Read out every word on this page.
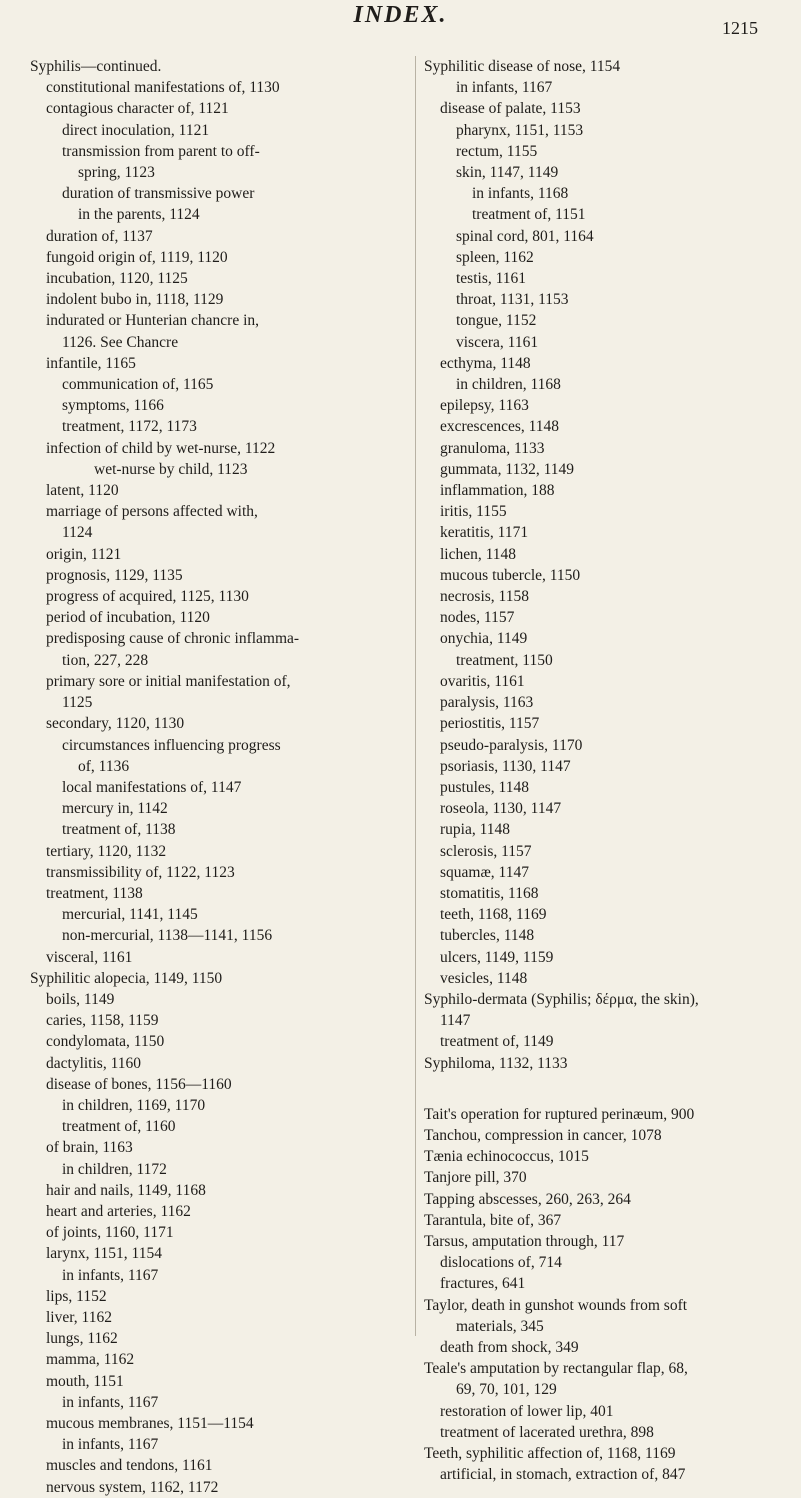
INDEX.	1215
Syphilis—continued.
constitutional manifestations of, 1130
contagious character of, 1121
direct inoculation, 1121
transmission from parent to off-
spring, 1123
duration of transmissive power
in the parents, 1124
duration of, 1137
fungoid origin of, 1119, 1120
incubation, 1120, 1125
indolent bubo in, 1118, 1129
indurated or Hunterian chancre in,
1126. See Chancre
infantile, 1165
communication of, 1165
symptoms, 1166
treatment, 1172, 1173
infection of child by wet-nurse, 1122
wet-nurse by child, 1123
latent, 1120
marriage of persons affected with,
1124
origin, 1121
prognosis, 1129, 1135
progress of acquired, 1125, 1130
period of incubation, 1120
predisposing cause of chronic inflamma-
tion, 227, 228
primary sore or initial manifestation of,
1125
secondary, 1120, 1130
circumstances influencing progress
of, 1136
local manifestations of, 1147
mercury in, 1142
treatment of, 1138
tertiary, 1120, 1132
transmissibility of, 1122, 1123
treatment, 1138
mercurial, 1141, 1145
non-mercurial, 1138—1141, 1156
visceral, 1161
Syphilitic alopecia, 1149, 1150
boils, 1149
caries, 1158, 1159
condylomata, 1150
dactylitis, 1160
disease of bones, 1156—1160
in children, 1169, 1170
treatment of, 1160
of brain, 1163
in children, 1172
hair and nails, 1149, 1168
heart and arteries, 1162
of joints, 1160, 1171
larynx, 1151, 1154
in infants, 1167
lips, 1152
liver, 1162
lungs, 1162
mamma, 1162
mouth, 1151
in infants, 1167
mucous membranes, 1151—1154
in infants, 1167
muscles and tendons, 1161
nervous system, 1162, 1172
Syphilitic disease of nose, 1154
in infants, 1167
disease of palate, 1153
pharynx, 1151, 1153
rectum, 1155
skin, 1147, 1149
in infants, 1168
treatment of, 1151
spinal cord, 801, 1164
spleen, 1162
testis, 1161
throat, 1131, 1153
tongue, 1152
viscera, 1161
ecthyma, 1148
in children, 1168
epilepsy, 1163
excrescences, 1148
granuloma, 1133
gummata, 1132, 1149
inflammation, 188
iritis, 1155
keratitis, 1171
lichen, 1148
mucous tubercle, 1150
necrosis, 1158
nodes, 1157
onychia, 1149
treatment, 1150
ovaritis, 1161
paralysis, 1163
periostitis, 1157
pseudo-paralysis, 1170
psoriasis, 1130, 1147
pustules, 1148
roseola, 1130, 1147
rupia, 1148
sclerosis, 1157
squamæ, 1147
stomatitis, 1168
teeth, 1168, 1169
tubercles, 1148
ulcers, 1149, 1159
vesicles, 1148
Syphilo-dermata (Syphilis; δέρμα, the skin),
1147
treatment of, 1149
Syphiloma, 1132, 1133
Tait's operation for ruptured perinæum, 900
Tanchou, compression in cancer, 1078
Tænia echinococcus, 1015
Tanjore pill, 370
Tapping abscesses, 260, 263, 264
Tarantula, bite of, 367
Tarsus, amputation through, 117
dislocations of, 714
fractures, 641
Taylor, death in gunshot wounds from soft
materials, 345
death from shock, 349
Teale's amputation by rectangular flap, 68,
69, 70, 101, 129
restoration of lower lip, 401
treatment of lacerated urethra, 898
Teeth, syphilitic affection of, 1168, 1169
artificial, in stomach, extraction of, 847
